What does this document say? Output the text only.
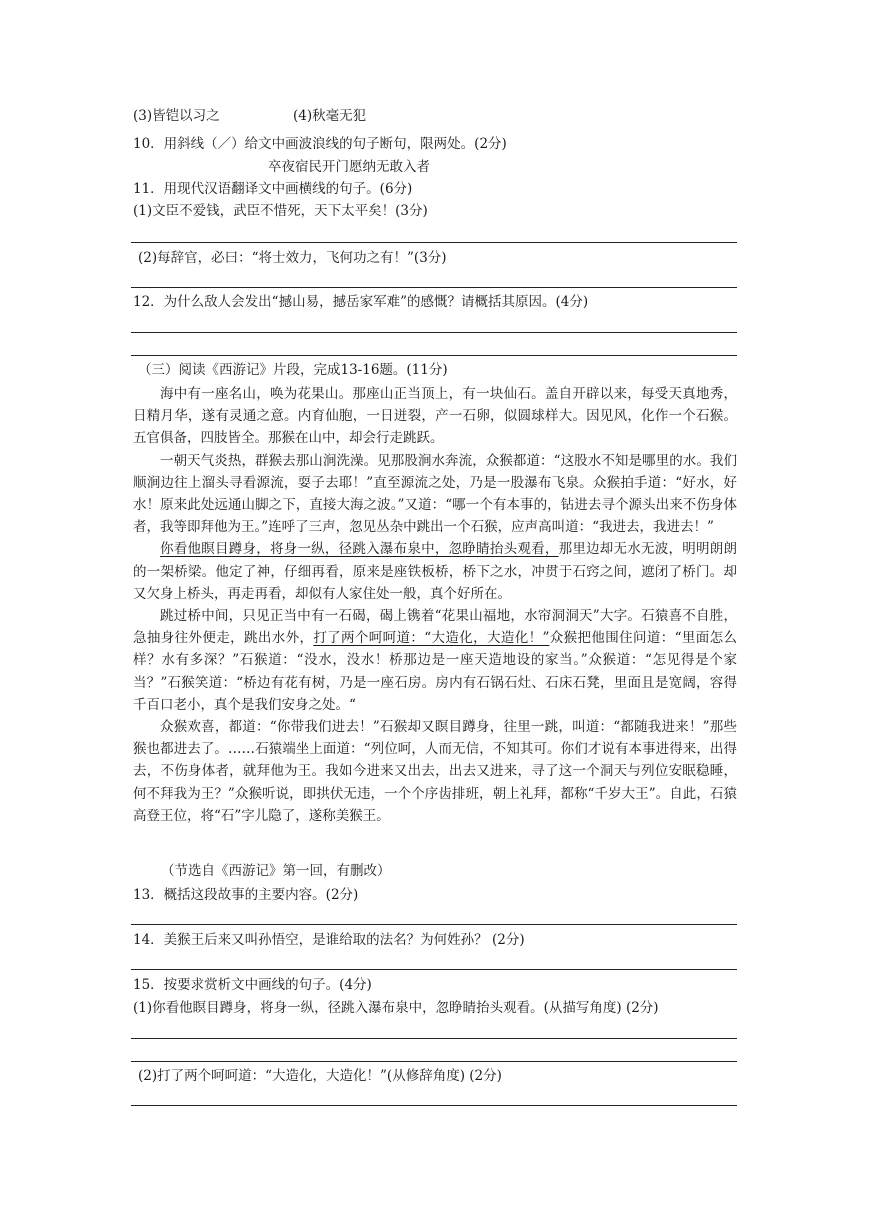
(3)皆铠以习之	(4)秋毫无犯
10．用斜线（／）给文中画波浪线的句子断句，限两处。(2分)
卒夜宿民开门愿纳无敢入者
11．用现代汉语翻译文中画横线的句子。(6分)
(1)文臣不爱钱，武臣不惜死，天下太平矣！(3分)
(2)每辞官，必曰：“将士效力，飞何功之有！”(3分)
12．为什么敌人会发出“撼山易，撼岳家军难”的感慨？请概括其原因。(4分)
（三）阅读《西游记》片段，完成13-16题。(11分)

海中有一座名山，唤为花果山。那座山正当顶上，有一块仙石。盖自开辟以来，每受天真地秀，日精月华，遂有灵通之意。内育仙胞，一日迸裂，产一石卵，似圆球样大。因见风，化作一个石猴。五官俱备，四肢皆全。那猴在山中，却会行走跳跃。

一朝天气炎热，群猴去那山涧洗澡。见那股涧水奔流，众猴都道：“这股水不知是哪里的水。我们顺涧边往上溜头寻看源流，耍子去耶！”直至源流之处，乃是一股瀑布飞泉。众猴拍手道：“好水，好水！原来此处远通山脚之下，直接大海之波。”又道：“哪一个有本事的，钻进去寻个源头出来不伤身体者，我等即拜他为王。”连呼了三声，忽见丛杂中跳出一个石猴，应声高叫道：“我进去，我进去！”

你看他瞑目蹲身，将身一纵，径跳入瀑布泉中，忽睁睛抬头观看，那里边却无水无波，明明朗朗的一架桥梁。他定了神，仔细再看，原来是座铁板桥，桥下之水，冲贯于石窍之间，遮闭了桥门。却又欠身上桥头，再走再看，却似有人家住处一般，真个好所在。

跳过桥中间，只见正当中有一石碣，碣上镌着“花果山福地，水帘洞洞天”大字。石猿喜不自胜，急抽身往外便走，跳出水外，打了两个呵呵道：“大造化，大造化！”众猴把他围住问道：“里面怎么样？水有多深？”石猴道：“没水，没水！桥那边是一座天造地设的家当。”众猴道：“怎见得是个家当？”石猴笑道：“桥边有花有树，乃是一座石房。房内有石锅石灶、石床石凳，里面且是宽阔，容得千百口老小，真个是我们安身之处。“

众猴欢喜，都道：“你带我们进去！”石猴却又瞑目蹲身，往里一跳，叫道：“都随我进来！”那些猴也都进去了。……石猿端坐上面道：“列位呵，人而无信，不知其可。你们才说有本事进得来，出得去，不伤身体者，就拜他为王。我如今进来又出去，出去又进来，寻了这一个洞天与列位安眠稳睡，何不拜我为王？”众猴听说，即拱伏无违，一个个序齿排班，朝上礼拜，都称“千岁大王”。自此，石猿高登王位，将“石”字儿隐了，遂称美猴王。

（节选自《西游记》第一回，有删改）
13．概括这段故事的主要内容。(2分)
14．美猴王后来又叫孙悟空，是谁给取的法名？为何姓孙？ (2分)
15．按要求赏析文中画线的句子。(4分)
(1)你看他瞑目蹲身，将身一纵，径跳入瀑布泉中，忽睁睛抬头观看。(从描写角度) (2分)
(2)打了两个呵呵道：“大造化，大造化！”(从修辞角度) (2分)
